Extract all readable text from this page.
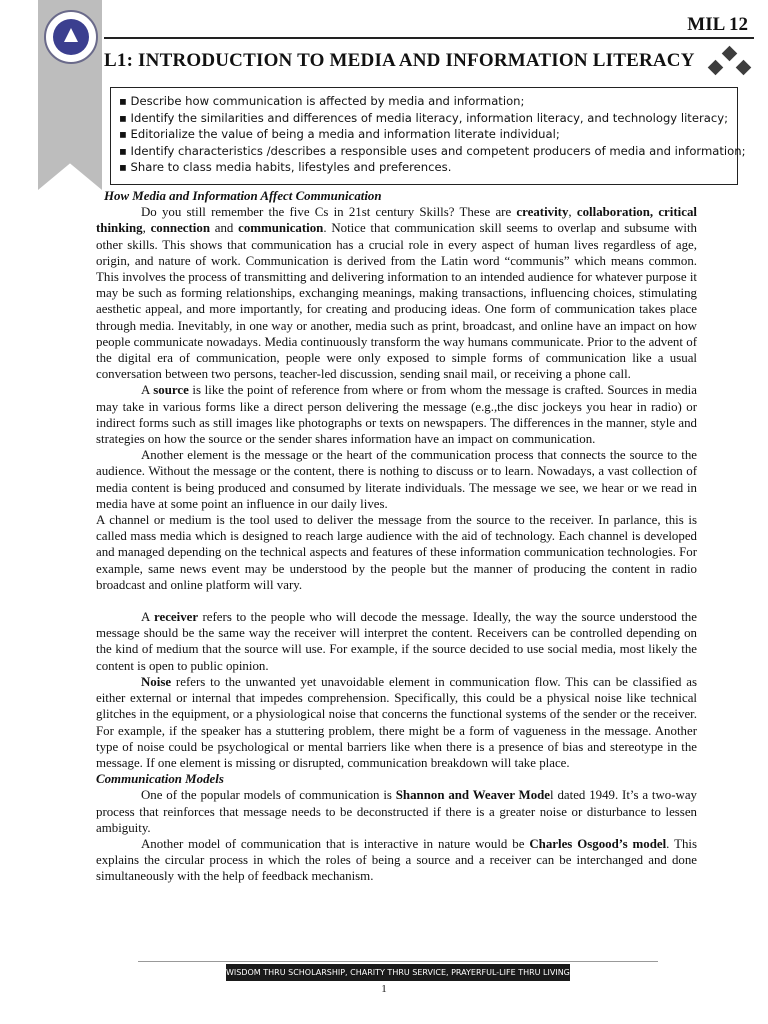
MIL 12
L1: INTRODUCTION TO MEDIA AND INFORMATION LITERACY
▪ Describe how communication is affected by media and information;
▪ Identify the similarities and differences of media literacy, information literacy, and technology literacy;
▪ Editorialize the value of being a media and information literate individual;
▪ Identify characteristics /describes a responsible uses and competent producers of media and information;
▪ Share to class media habits, lifestyles and preferences.

How Media and Information Affect Communication

Do you still remember the five Cs in 21st century Skills? These are creativity, collaboration, critical thinking, connection and communication. Notice that communication skill seems to overlap and subsume with other skills. This shows that communication has a crucial role in every aspect of human lives regardless of age, origin, and nature of work. Communication is derived from the Latin word “communis” which means common. This involves the process of transmitting and delivering information to an intended audience for whatever purpose it may be such as forming relationships, exchanging meanings, making transactions, influencing choices, stimulating aesthetic appeal, and more importantly, for creating and producing ideas. One form of communication takes place through media. Inevitably, in one way or another, media such as print, broadcast, and online have an impact on how people communicate nowadays. Media continuously transform the way humans communicate. Prior to the advent of the digital era of communication, people were only exposed to simple forms of communication like a usual conversation between two persons, teacher-led discussion, sending snail mail, or receiving a phone call.

A source is like the point of reference from where or from whom the message is crafted. Sources in media may take in various forms like a direct person delivering the message (e.g.,the disc jockeys you hear in radio) or indirect forms such as still images like photographs or texts on newspapers. The differences in the manner, style and strategies on how the source or the sender shares information have an impact on communication.

Another element is the message or the heart of the communication process that connects the source to the audience. Without the message or the content, there is nothing to discuss or to learn. Nowadays, a vast collection of media content is being produced and consumed by literate individuals. The message we see, we hear or we read in media have at some point an influence in our daily lives.

A channel or medium is the tool used to deliver the message from the source to the receiver. In parlance, this is called mass media which is designed to reach large audience with the aid of technology. Each channel is developed and managed depending on the technical aspects and features of these information communication technologies. For example, same news event may be understood by the people but the manner of producing the content in radio broadcast and online platform will vary.

A receiver refers to the people who will decode the message. Ideally, the way the source understood the message should be the same way the receiver will interpret the content. Receivers can be controlled depending on the kind of medium that the source will use. For example, if the source decided to use social media, most likely the content is open to public opinion.

Noise refers to the unwanted yet unavoidable element in communication flow. This can be classified as either external or internal that impedes comprehension. Specifically, this could be a physical noise like technical glitches in the equipment, or a physiological noise that concerns the functional systems of the sender or the receiver. For example, if the speaker has a stuttering problem, there might be a form of vagueness in the message. Another type of noise could be psychological or mental barriers like when there is a presence of bias and stereotype in the message. If one element is missing or disrupted, communication breakdown will take place.

Communication Models

One of the popular models of communication is Shannon and Weaver Model dated 1949. It’s a two-way process that reinforces that message needs to be deconstructed if there is a greater noise or disturbance to lessen ambiguity.

Another model of communication that is interactive in nature would be Charles Osgood’s model. This explains the circular process in which the roles of being a source and a receiver can be interchanged and done simultaneously with the help of feedback mechanism.

WISDOM THRU SCHOLARSHIP, CHARITY THRU SERVICE, PRAYERFUL-LIFE THRU LIVING THE GOSPEL
1
